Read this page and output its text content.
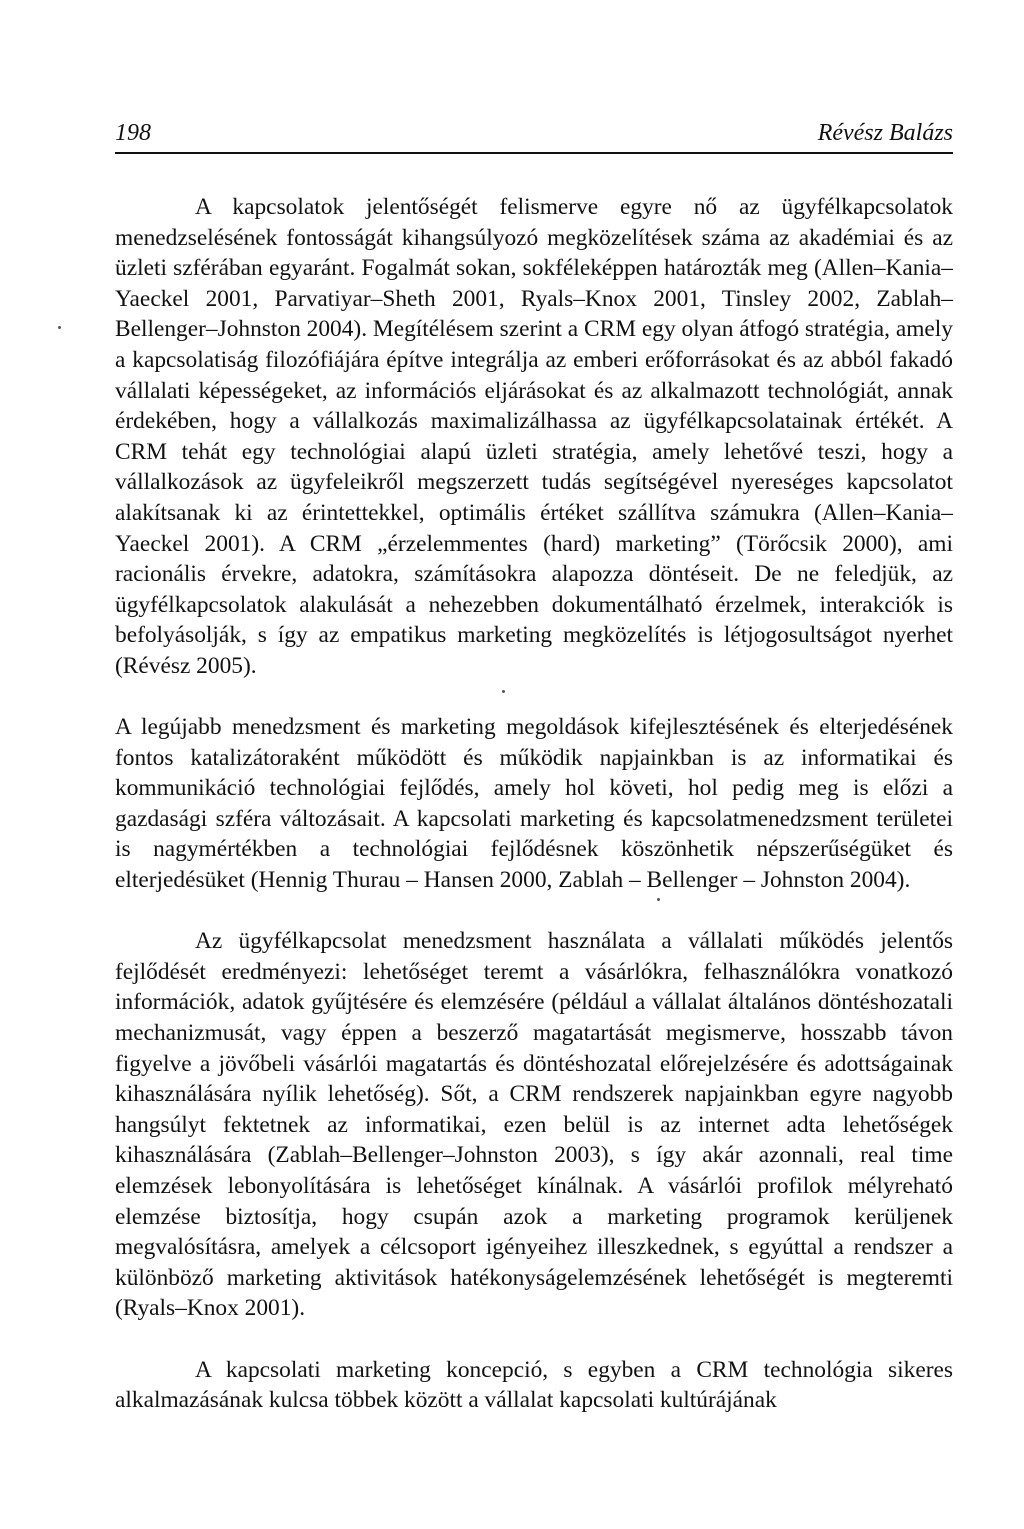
198	Révész Balázs

A kapcsolatok jelentőségét felismerve egyre nő az ügyfélkapcsolatok menedzselésének fontosságát kihangsúlyozó megközelítések száma az akadémiai és az üzleti szférában egyaránt. Fogalmát sokan, sokféleképpen határozták meg (Allen–Kania–Yaeckel 2001, Parvatiyar–Sheth 2001, Ryals–Knox 2001, Tinsley 2002, Zablah–Bellenger–Johnston 2004). Megítélésem szerint a CRM egy olyan átfogó stratégia, amely a kapcsolatiság filozófiájára építve integrálja az emberi erőforrásokat és az abból fakadó vállalati képességeket, az információs eljárásokat és az alkalmazott technológiát, annak érdekében, hogy a vállalkozás maximalizálhassa az ügyfélkapcsolatainak értékét. A CRM tehát egy technológiai alapú üzleti stratégia, amely lehetővé teszi, hogy a vállalkozások az ügyfeleikről megszerzett tudás segítségével nyereséges kapcsolatot alakítsanak ki az érintettekkel, optimális értéket szállítva számukra (Allen–Kania–Yaeckel 2001). A CRM „érzelemmentes (hard) marketing” (Törőcsik 2000), ami racionális érvekre, adatokra, számításokra alapozza döntéseit. De ne feledjük, az ügyfélkapcsolatok alakulását a nehezebben dokumentálható érzelmek, interakciók is befolyásolják, s így az empatikus marketing megközelítés is létjogosultságot nyerhet (Révész 2005).

A legújabb menedzsment és marketing megoldások kifejlesztésének és elterjedésének fontos katalizátoraként működött és működik napjainkban is az informatikai és kommunikáció technológiai fejlődés, amely hol követi, hol pedig meg is előzi a gazdasági szféra változásait. A kapcsolati marketing és kapcsolatmenedzsment területei is nagymértékben a technológiai fejlődésnek köszönhetik népszerűségüket és elterjedésüket (Hennig Thurau – Hansen 2000, Zablah – Bellenger – Johnston 2004).

Az ügyfélkapcsolat menedzsment használata a vállalati működés jelentős fejlődését eredményezi: lehetőséget teremt a vásárlókra, felhasználókra vonatkozó információk, adatok gyűjtésére és elemzésére (például a vállalat általános döntéshozatali mechanizmusát, vagy éppen a beszerző magatartását megismerve, hosszabb távon figyelve a jövőbeli vásárlói magatartás és döntéshozatal előrejelzésére és adottságainak kihasználására nyílik lehetőség). Sőt, a CRM rendszerek napjainkban egyre nagyobb hangsúlyt fektetnek az informatikai, ezen belül is az internet adta lehetőségek kihasználására (Zablah–Bellenger–Johnston 2003), s így akár azonnali, real time elemzések lebonyolítására is lehetőséget kínálnak. A vásárlói profilok mélyreható elemzése biztosítja, hogy csupán azok a marketing programok kerüljenek megvalósításra, amelyek a célcsoport igényeihez illeszkednek, s egyúttal a rendszer a különböző marketing aktivitások hatékonyságelemzésének lehetőségét is megteremti (Ryals–Knox 2001).

A kapcsolati marketing koncepció, s egyben a CRM technológia sikeres alkalmazásának kulcsa többek között a vállalat kapcsolati kultúrájának
